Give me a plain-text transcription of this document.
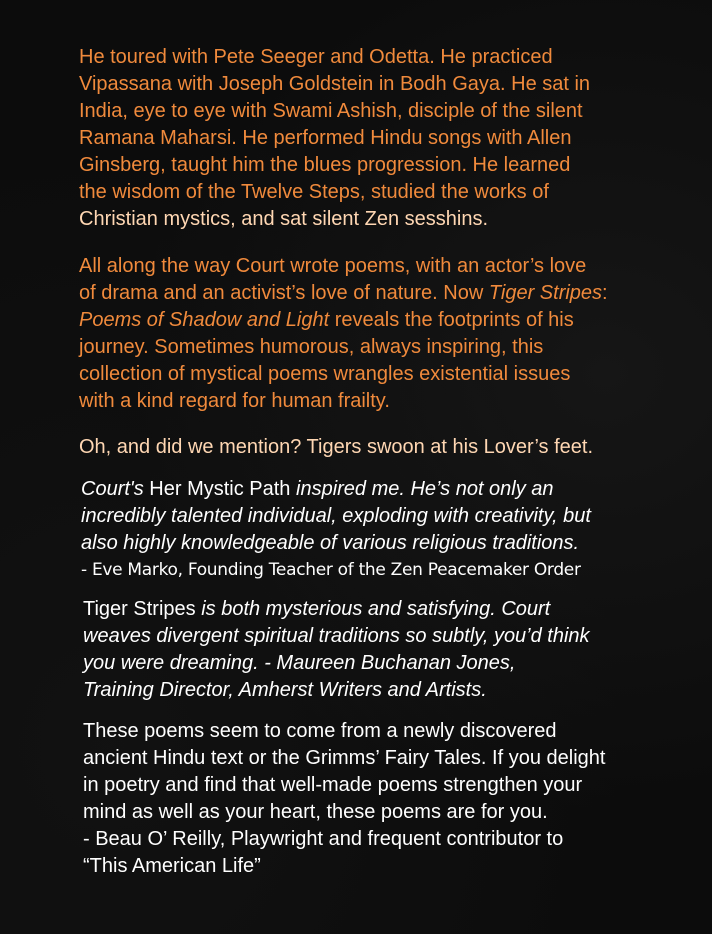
He toured with Pete Seeger and Odetta. He practiced
Vipassana with Joseph Goldstein in Bodh Gaya. He sat in
India, eye to eye with Swami Ashish, disciple of the silent
Ramana Maharsi. He performed Hindu songs with Allen
Ginsberg, taught him the blues progression. He learned
the wisdom of the Twelve Steps, studied the works of
Christian mystics, and sat silent Zen sesshins.

All along the way Court wrote poems, with an actor’s love
of drama and an activist’s love of nature. Now Tiger Stripes:
Poems of Shadow and Light reveals the footprints of his
journey. Sometimes humorous, always inspiring, this
collection of mystical poems wrangles existential issues
with a kind regard for human frailty.

Oh, and did we mention? Tigers swoon at his Lover’s feet.

Court's Her Mystic Path inspired me. He’s not only an
incredibly talented individual, exploding with creativity, but
also highly knowledgeable of various religious traditions.
- Eve Marko, Founding Teacher of the Zen Peacemaker Order

Tiger Stripes is both mysterious and satisfying. Court
weaves divergent spiritual traditions so subtly, you’d think
you were dreaming. - Maureen Buchanan Jones,
Training Director, Amherst Writers and Artists.

These poems seem to come from a newly discovered
ancient Hindu text or the Grimms’ Fairy Tales. If you delight
in poetry and find that well-made poems strengthen your
mind as well as your heart, these poems are for you.
- Beau O’ Reilly, Playwright and frequent contributor to
“This American Life”
